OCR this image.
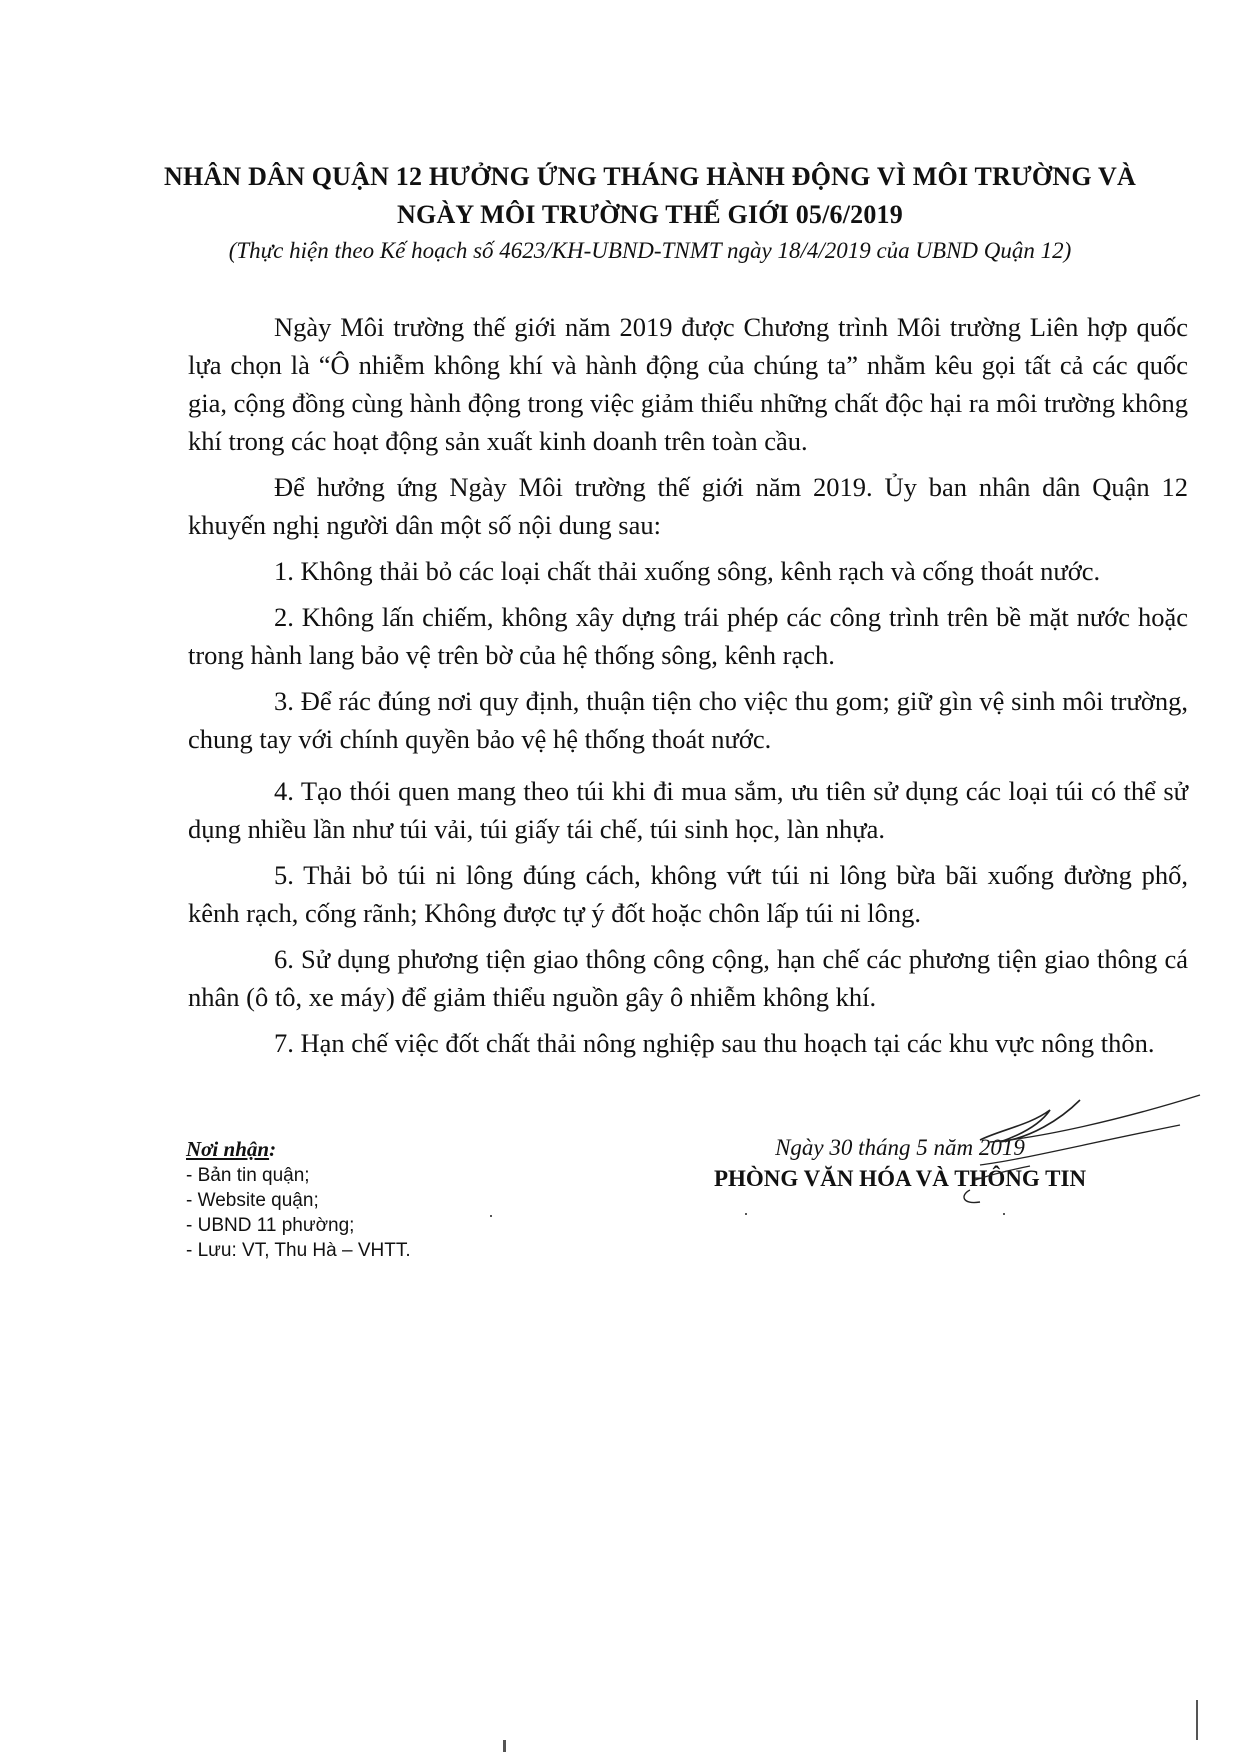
NHÂN DÂN QUẬN 12 HƯỞNG ỨNG THÁNG HÀNH ĐỘNG VÌ MÔI TRƯỜNG VÀ
NGÀY MÔI TRƯỜNG THẾ GIỚI 05/6/2019
(Thực hiện theo Kế hoạch số 4623/KH-UBND-TNMT ngày 18/4/2019 của UBND Quận 12)

Ngày Môi trường thế giới năm 2019 được Chương trình Môi trường Liên hợp quốc lựa chọn là “Ô nhiễm không khí và hành động của chúng ta” nhằm kêu gọi tất cả các quốc gia, cộng đồng cùng hành động trong việc giảm thiểu những chất độc hại ra môi trường không khí trong các hoạt động sản xuất kinh doanh trên toàn cầu.

Để hưởng ứng Ngày Môi trường thế giới năm 2019. Ủy ban nhân dân Quận 12 khuyến nghị người dân một số nội dung sau:

1. Không thải bỏ các loại chất thải xuống sông, kênh rạch và cống thoát nước.

2. Không lấn chiếm, không xây dựng trái phép các công trình trên bề mặt nước hoặc trong hành lang bảo vệ trên bờ của hệ thống sông, kênh rạch.

3. Để rác đúng nơi quy định, thuận tiện cho việc thu gom; giữ gìn vệ sinh môi trường, chung tay với chính quyền bảo vệ hệ thống thoát nước.

4. Tạo thói quen mang theo túi khi đi mua sắm, ưu tiên sử dụng các loại túi có thể sử dụng nhiều lần như túi vải, túi giấy tái chế, túi sinh học, làn nhựa.

5. Thải bỏ túi ni lông đúng cách, không vứt túi ni lông bừa bãi xuống đường phố, kênh rạch, cống rãnh; Không được tự ý đốt hoặc chôn lấp túi ni lông.

6. Sử dụng phương tiện giao thông công cộng, hạn chế các phương tiện giao thông cá nhân (ô tô, xe máy) để giảm thiểu nguồn gây ô nhiễm không khí.

7. Hạn chế việc đốt chất thải nông nghiệp sau thu hoạch tại các khu vực nông thôn.

Nơi nhận:
- Bản tin quận;
- Website quận;
- UBND 11 phường;
- Lưu: VT, Thu Hà – VHTT.
Ngày 30 tháng 5 năm 2019
PHÒNG VĂN HÓA VÀ THÔNG TIN
